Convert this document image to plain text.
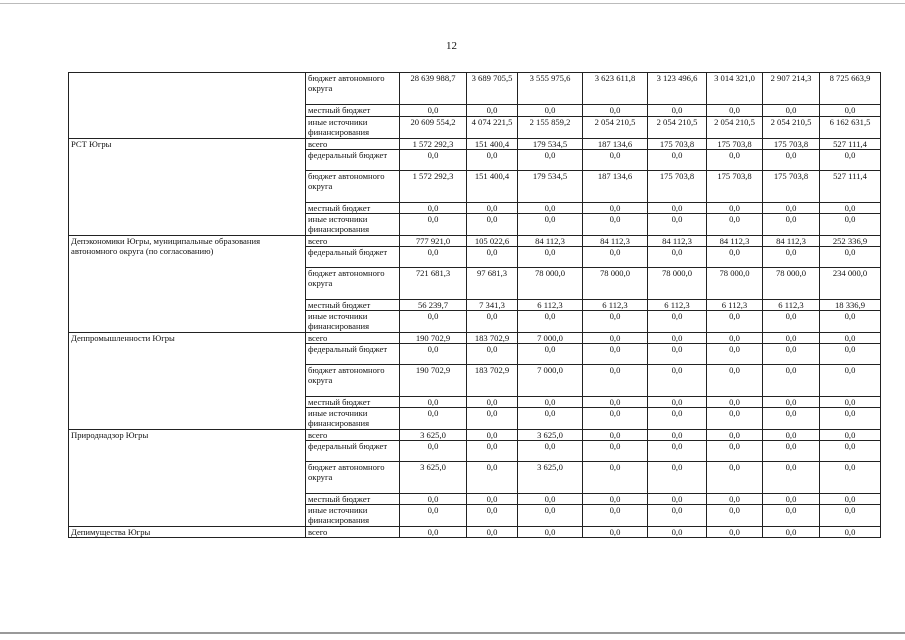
12
	бюджет автономного округа	28 639 988,7	3 689 705,5	3 555 975,6	3 623 611,8	3 123 496,6	3 014 321,0	2 907 214,3	8 725 663,9
	местный бюджет	0,0	0,0	0,0	0,0	0,0	0,0	0,0	0,0
	иные источники финансирования	20 609 554,2	4 074 221,5	2 155 859,2	2 054 210,5	2 054 210,5	2 054 210,5	2 054 210,5	6 162 631,5
РСТ Югры	всего	1 572 292,3	151 400,4	179 534,5	187 134,6	175 703,8	175 703,8	175 703,8	527 111,4
	федеральный бюджет	0,0	0,0	0,0	0,0	0,0	0,0	0,0	0,0
	бюджет автономного округа	1 572 292,3	151 400,4	179 534,5	187 134,6	175 703,8	175 703,8	175 703,8	527 111,4
	местный бюджет	0,0	0,0	0,0	0,0	0,0	0,0	0,0	0,0
	иные источники финансирования	0,0	0,0	0,0	0,0	0,0	0,0	0,0	0,0
Депэкономики Югры, муниципальные образования автономного округа (по согласованию)	всего	777 921,0	105 022,6	84 112,3	84 112,3	84 112,3	84 112,3	84 112,3	252 336,9
	федеральный бюджет	0,0	0,0	0,0	0,0	0,0	0,0	0,0	0,0
	бюджет автономного округа	721 681,3	97 681,3	78 000,0	78 000,0	78 000,0	78 000,0	78 000,0	234 000,0
	местный бюджет	56 239,7	7 341,3	6 112,3	6 112,3	6 112,3	6 112,3	6 112,3	18 336,9
	иные источники финансирования	0,0	0,0	0,0	0,0	0,0	0,0	0,0	0,0
Деппромышленности Югры	всего	190 702,9	183 702,9	7 000,0	0,0	0,0	0,0	0,0	0,0
	федеральный бюджет	0,0	0,0	0,0	0,0	0,0	0,0	0,0	0,0
	бюджет автономного округа	190 702,9	183 702,9	7 000,0	0,0	0,0	0,0	0,0	0,0
	местный бюджет	0,0	0,0	0,0	0,0	0,0	0,0	0,0	0,0
	иные источники финансирования	0,0	0,0	0,0	0,0	0,0	0,0	0,0	0,0
Природнадзор Югры	всего	3 625,0	0,0	3 625,0	0,0	0,0	0,0	0,0	0,0
	федеральный бюджет	0,0	0,0	0,0	0,0	0,0	0,0	0,0	0,0
	бюджет автономного округа	3 625,0	0,0	3 625,0	0,0	0,0	0,0	0,0	0,0
	местный бюджет	0,0	0,0	0,0	0,0	0,0	0,0	0,0	0,0
	иные источники финансирования	0,0	0,0	0,0	0,0	0,0	0,0	0,0	0,0
Депимущества Югры	всего	0,0	0,0	0,0	0,0	0,0	0,0	0,0	0,0
